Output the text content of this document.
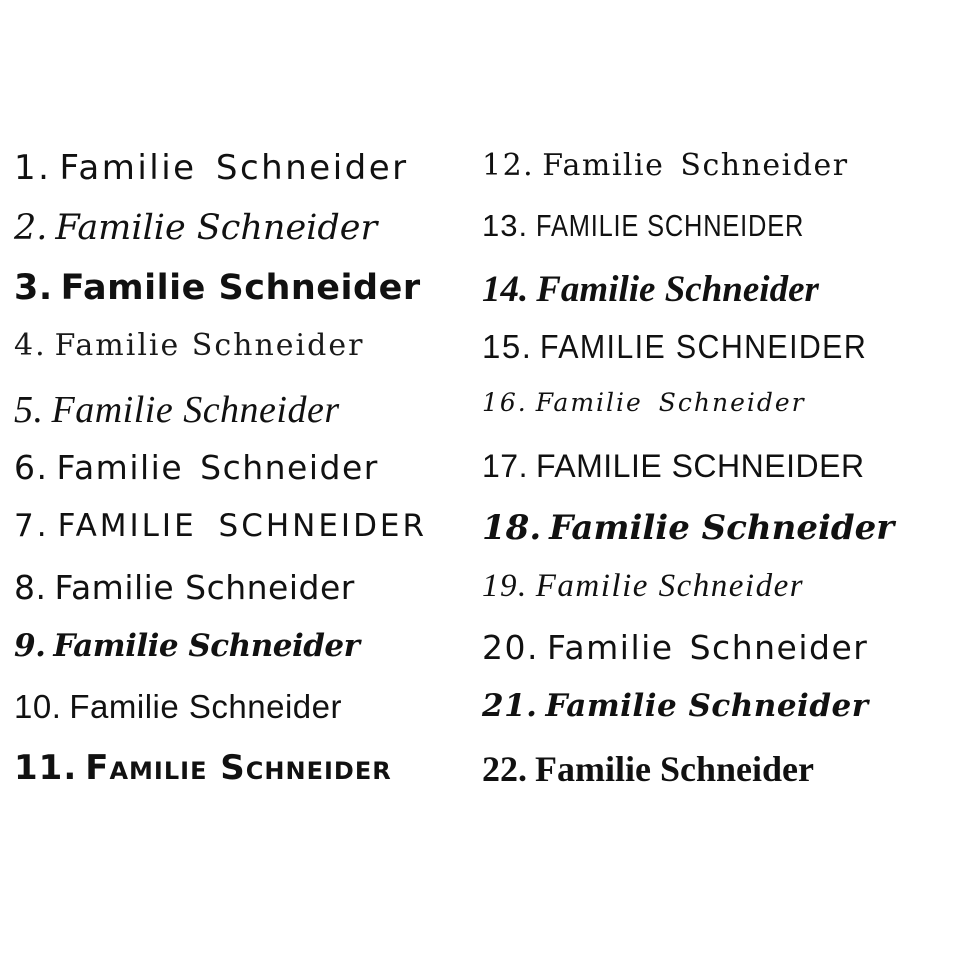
1. Familie Schneider
2. Familie Schneider
3. Familie Schneider
4. Familie Schneider
5. Familie Schneider
6. Familie Schneider
7. FAMILIE SCHNEIDER
8. Familie Schneider
9. Familie Schneider
10. Familie Schneider
11. Familie Schneider
12. Familie Schneider
13. FAMILIE SCHNEIDER
14. Familie Schneider
15. FAMILIE SCHNEIDER
16. Familie Schneider
17. FAMILIE SCHNEIDER
18. Familie Schneider
19. Familie Schneider
20. Familie Schneider
21. Familie Schneider
22. Familie Schneider
